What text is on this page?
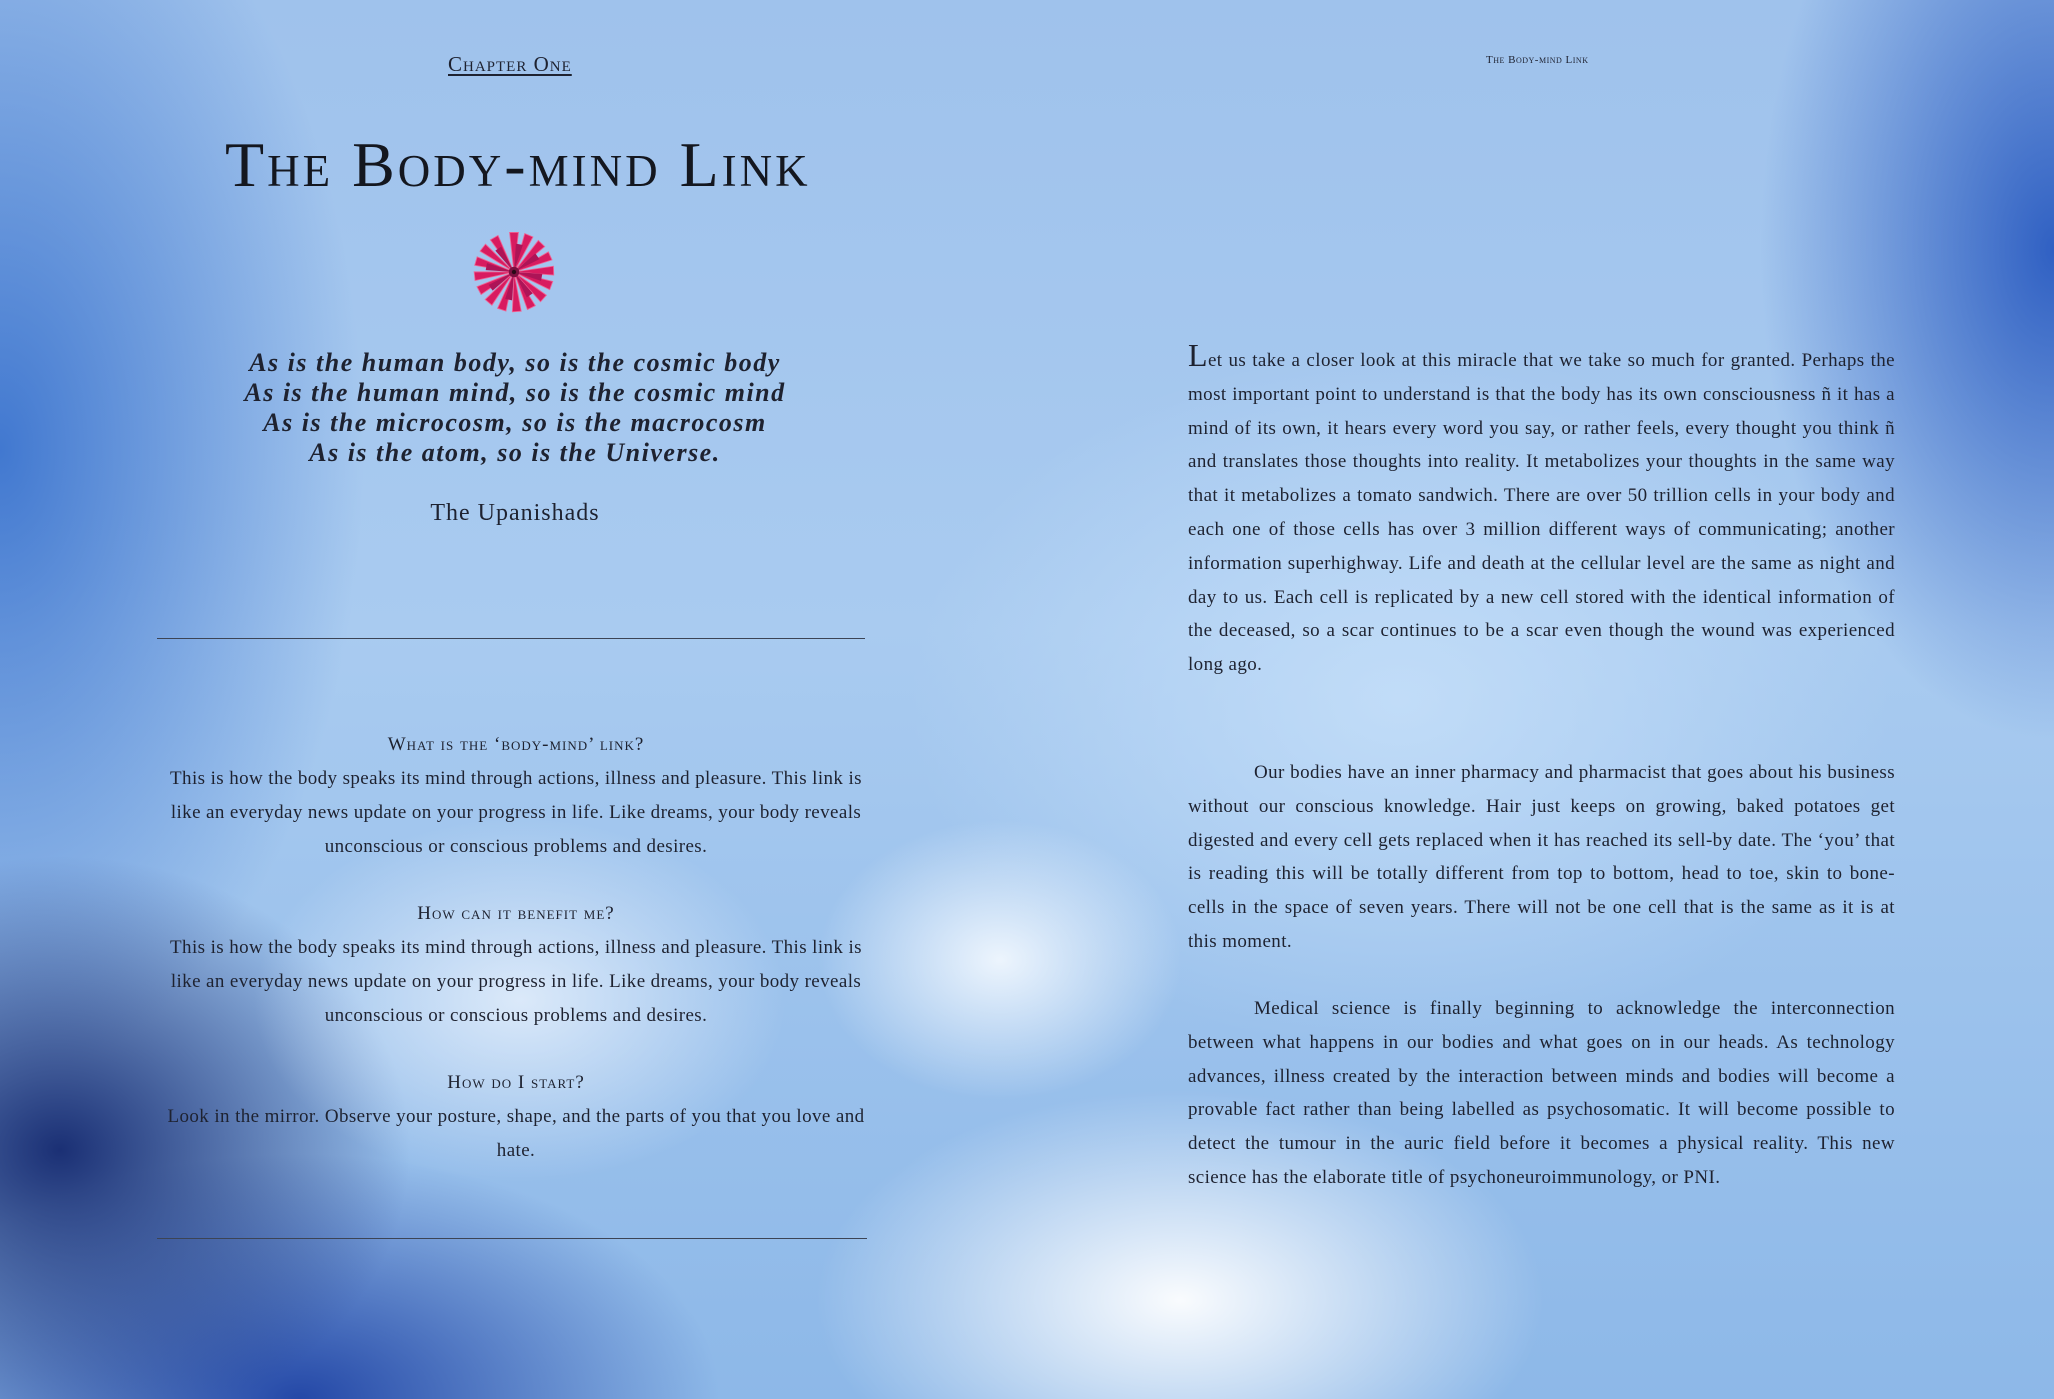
Chapter One
The Body-mind Link
As is the human body, so is the cosmic body
As is the human mind, so is the cosmic mind
As is the microcosm, so is the macrocosm
As is the atom, so is the Universe.
The Upanishads
What is the ‘body-mind’ link?
This is how the body speaks its mind through actions, illness and pleasure. This link is like an everyday news update on your progress in life. Like dreams, your body reveals unconscious or conscious problems and desires.
How can it benefit me?
This is how the body speaks its mind through actions, illness and pleasure. This link is like an everyday news update on your progress in life. Like dreams, your body reveals unconscious or conscious problems and desires.
How do I start?
Look in the mirror. Observe your posture, shape, and the parts of you that you love and hate.
The Body-mind Link

Let us take a closer look at this miracle that we take so much for granted. Perhaps the most important point to understand is that the body has its own consciousness ñ it has a mind of its own, it hears every word you say, or rather feels, every thought you think ñ and translates those thoughts into reality. It metabolizes your thoughts in the same way that it metabolizes a tomato sandwich. There are over 50 trillion cells in your body and each one of those cells has over 3 million different ways of communicating; another information superhighway. Life and death at the cellular level are the same as night and day to us. Each cell is replicated by a new cell stored with the identical information of the deceased, so a scar continues to be a scar even though the wound was experienced long ago.

Our bodies have an inner pharmacy and pharmacist that goes about his business without our conscious knowledge. Hair just keeps on growing, baked potatoes get digested and every cell gets replaced when it has reached its sell-by date. The ‘you’ that is reading this will be totally different from top to bottom, head to toe, skin to bone-cells in the space of seven years. There will not be one cell that is the same as it is at this moment.

Medical science is finally beginning to acknowledge the interconnection between what happens in our bodies and what goes on in our heads. As technology advances, illness created by the interaction between minds and bodies will become a provable fact rather than being labelled as psychosomatic. It will become possible to detect the tumour in the auric field before it becomes a physical reality. This new science has the elaborate title of psychoneuroimmunology, or PNI.
